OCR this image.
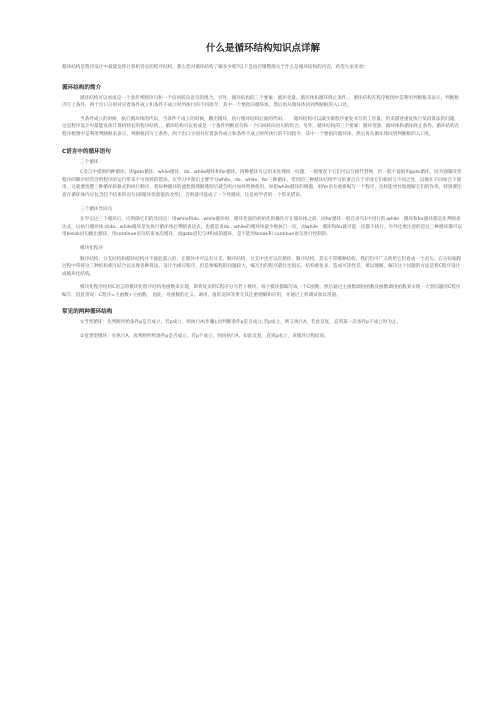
什么是循环结构知识点详解

循环结构是程序设计中最能发挥计算机特长的程序结构。那么您对循环结构了解多少呢?以下是由店铺整理关于什么是循环结构的内容，希望大家喜欢!

循环结构的简介

循环结构可以看成是一个条件判断语句和一个向回转向语句的组合。另外，循环结构的三个要素：循环变量、循环体和循环终止条件。，循环结构在程序框图中是利用判断框来表示，判断框内写上条件，两个出口分别对应着条件成立和条件不成立时所执行的不同指令，其中一个要指向循环体，然后再从循环体回到判断框的入口处。

当条件成立的时候，执行循环体的代码，当条件不成立的时候，跳出循环，执行循环结构后面的代码。　　循环结构可以减少源程序重复书写的工作量，用来描述重复执行某段算法的问题，这是程序设计中最能发挥计算机特长的程序结构，。循环结构可以看成是一个条件判断语句和一个向回转向语句的组合。另外，循环结构的三个要素：循环变量、循环体和循环终止条件。循环结构在程序框图中是利用判断框来表示，判断框内写上条件，两个出口分别对应着条件成立和条件不成立时所执行的不同指令，其中一个要指向循环体，然后再从循环体回到判断框的入口处。

C语言中的循环语句
三个循环

C语言中提供四种循环，即goto循环、while循环、do…while循环和for循环。四种循环可以用来处理同一问题，一般情况下它们可以互相代替换，但一般不提倡用goto循环，因为强制改变程序的顺序经常会给程序的运行带来不可预料的错误。在学习中我们主要学习while、do…while、for三种循环。常用的三种循环结构学习的重点在于弄清它们相同与不同之处，以便在不同场合下使用。这就要清楚三种循环的格式和执行顺序，将每种循环的流程图理解透彻后就会明白如何替换使用，如把while循环的例题，用for语句重新编写一个程序，这样能更好地理解它们的作用。特别要注意在循环体内应包含趋于结束的语句(即循环变量值的改变)，否则就可能成了一个死循环，这是初学者的一个常见错误。

三个循环异同点

在学完这三个循环后，应明确它们的异同点：用while和do…while循环时，循环变量的初始化的操作应在循环体之前，而for循环一般在语句1中进行的;while　循环和for循环都是先判断表达式，后执行循环体;而do…while循环是先执行循环体后判断表达式，也就是说do…while的循环体最少被执行一次，而while　循环和for就可能一次都不执行。另外还要注意的是这三种循环都可以用break语句跳出循环，用continue语句结束本次循环，而goto语句与if构成的循环，是不能用break和 continue语句进行控制的。

模块化程序

顺序结构、分支结构和循环结构并不彼此孤立的，在循环中可以有分支、顺序结构，分支中也可以有循环、顺序结构，其实不管哪种结构，我们均可广义的把它们看成一个语句。在实际编程过程中常将这三种结构相互结合以实现各种算法，设计出相应程序，但是要编程的问题较大，编写出的程序就往往很长、结构重复多，造成可读性差，难以理解，解决这个问题的方法是将C程序设计成模块化结构。

模块化程序结构C语言的模块化程序结构用函数来实现，即将复杂的C程序分为若干模块，每个模块都编写成一个C函数，然后通过主函数调用函数及函数调用函数来实现一大型问题的C程序编写，因此常说：C程序=主函数+子函数。 因此，对函数的定义、调用、值的返回等要尤其注重理解和应用，并通过上机调试加以巩固。

常见的两种循环结构

①当型循环：先判断所给条件p是否成立，若p成立，则执行A(步骤);再判断条件p是否成立;若p成立，则又执行A，若此反复，直到某一次条件p不成立时为止。

②直到型循环：先执行A，再判断所给条件p是否成立，若p不成立，则再执行A，如此反复，直到p成立，该循环过程结束。
